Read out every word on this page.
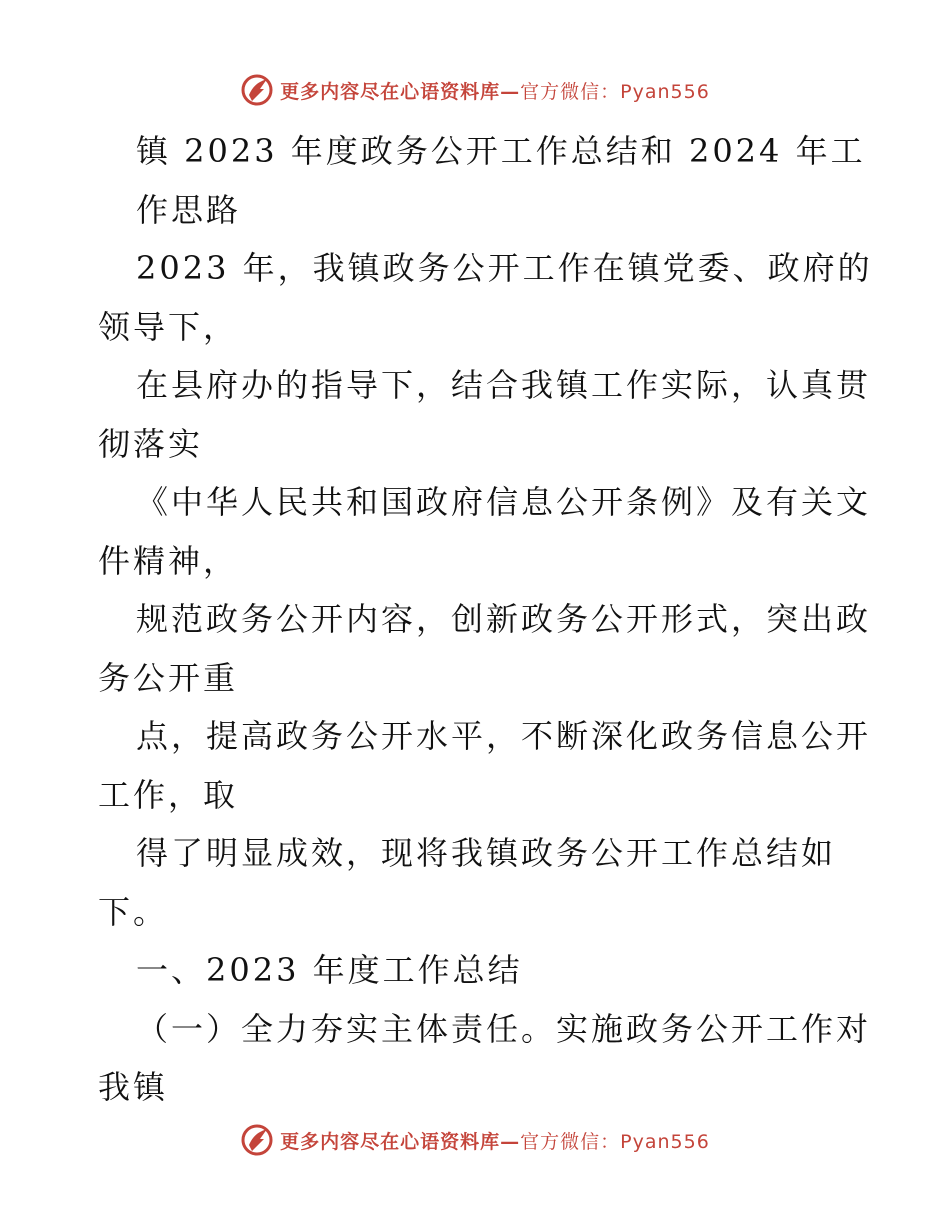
更多内容尽在心语资料库—官方微信：Pyan556
镇 2023 年度政务公开工作总结和 2024 年工
作思路
2023 年，我镇政务公开工作在镇党委、政府的
领导下，
在县府办的指导下，结合我镇工作实际，认真贯
彻落实
《中华人民共和国政府信息公开条例》及有关文
件精神，
规范政务公开内容，创新政务公开形式，突出政
务公开重
点，提高政务公开水平，不断深化政务信息公开
工作，取
得了明显成效，现将我镇政务公开工作总结如
下。
一、2023 年度工作总结
（一）全力夯实主体责任。实施政务公开工作对
我镇
更多内容尽在心语资料库—官方微信：Pyan556
